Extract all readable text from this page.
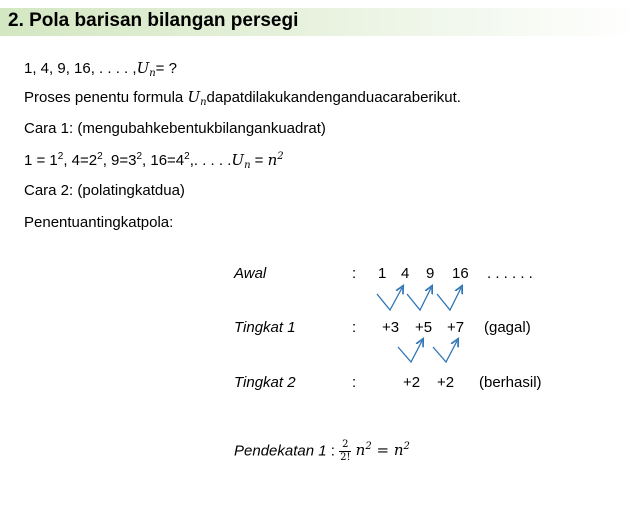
2. Pola barisan bilangan persegi
1, 4, 9, 16, . . . . $,U_n=$ ?
Proses penentu formula $U_ndapatdilakukandenganduacaraberikut$.
Cara 1: (mengubahkebentukbilangankuadrat)
$1 = 1^2$, $4=2^2$, $9=3^2$, $16=4^2$,. . . . $.U_n = n^2$
Cara 2: (polatingkatdua)
Penentuantingkatpola:
Awal	: 1 4 9 16 . . . . . .
Tingkat 1	: +3 +5 +7 (gagal)
Tingkat 2	:	+2 +2 (berhasil)
Pendekatan 1 : $\frac{2}{2!} n^2 = n^2$
